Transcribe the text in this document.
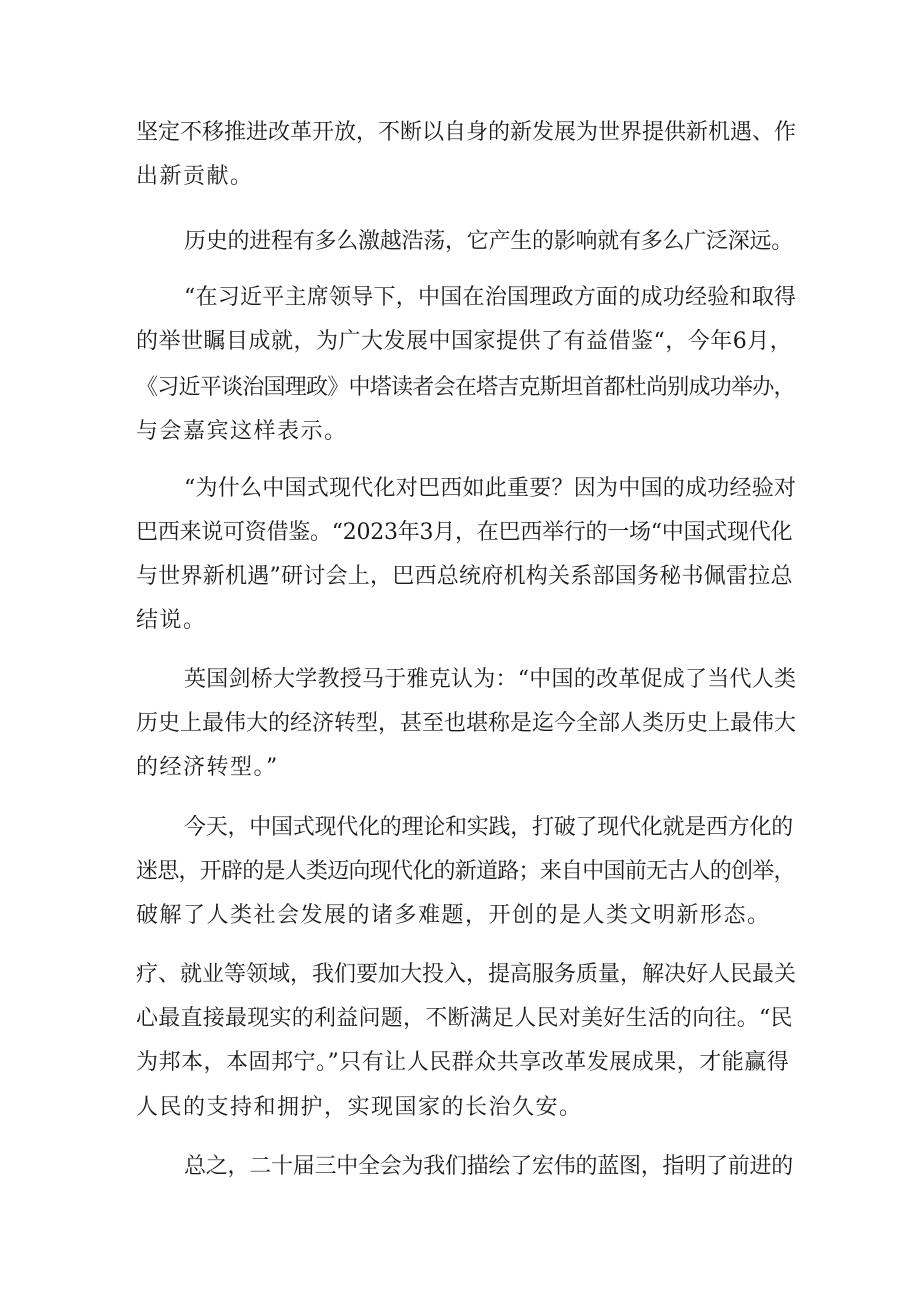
坚定不移推进改革开放，不断以自身的新发展为世界提供新机遇、作

出新贡献。

历史的进程有多么激越浩荡，它产生的影响就有多么广泛深远。

“在习近平主席领导下，中国在治国理政方面的成功经验和取得

的举世瞩目成就，为广大发展中国家提供了有益借鉴“，今年6月，

《习近平谈治国理政》中塔读者会在塔吉克斯坦首都杜尚别成功举办，

与会嘉宾这样表示。

“为什么中国式现代化对巴西如此重要？因为中国的成功经验对

巴西来说可资借鉴。“2023年3月，在巴西举行的一场“中国式现代化

与世界新机遇”研讨会上，巴西总统府机构关系部国务秘书佩雷拉总

结说。

英国剑桥大学教授马于雅克认为：“中国的改革促成了当代人类

历史上最伟大的经济转型，甚至也堪称是迄今全部人类历史上最伟大

的经济转型。”

今天，中国式现代化的理论和实践，打破了现代化就是西方化的

迷思，开辟的是人类迈向现代化的新道路；来自中国前无古人的创举，

破解了人类社会发展的诸多难题，开创的是人类文明新形态。

疗、就业等领域，我们要加大投入，提高服务质量，解决好人民最关

心最直接最现实的利益问题，不断满足人民对美好生活的向往。“民

为邦本，本固邦宁。”只有让人民群众共享改革发展成果，才能赢得

人民的支持和拥护，实现国家的长治久安。

总之，二十届三中全会为我们描绘了宏伟的蓝图，指明了前进的
